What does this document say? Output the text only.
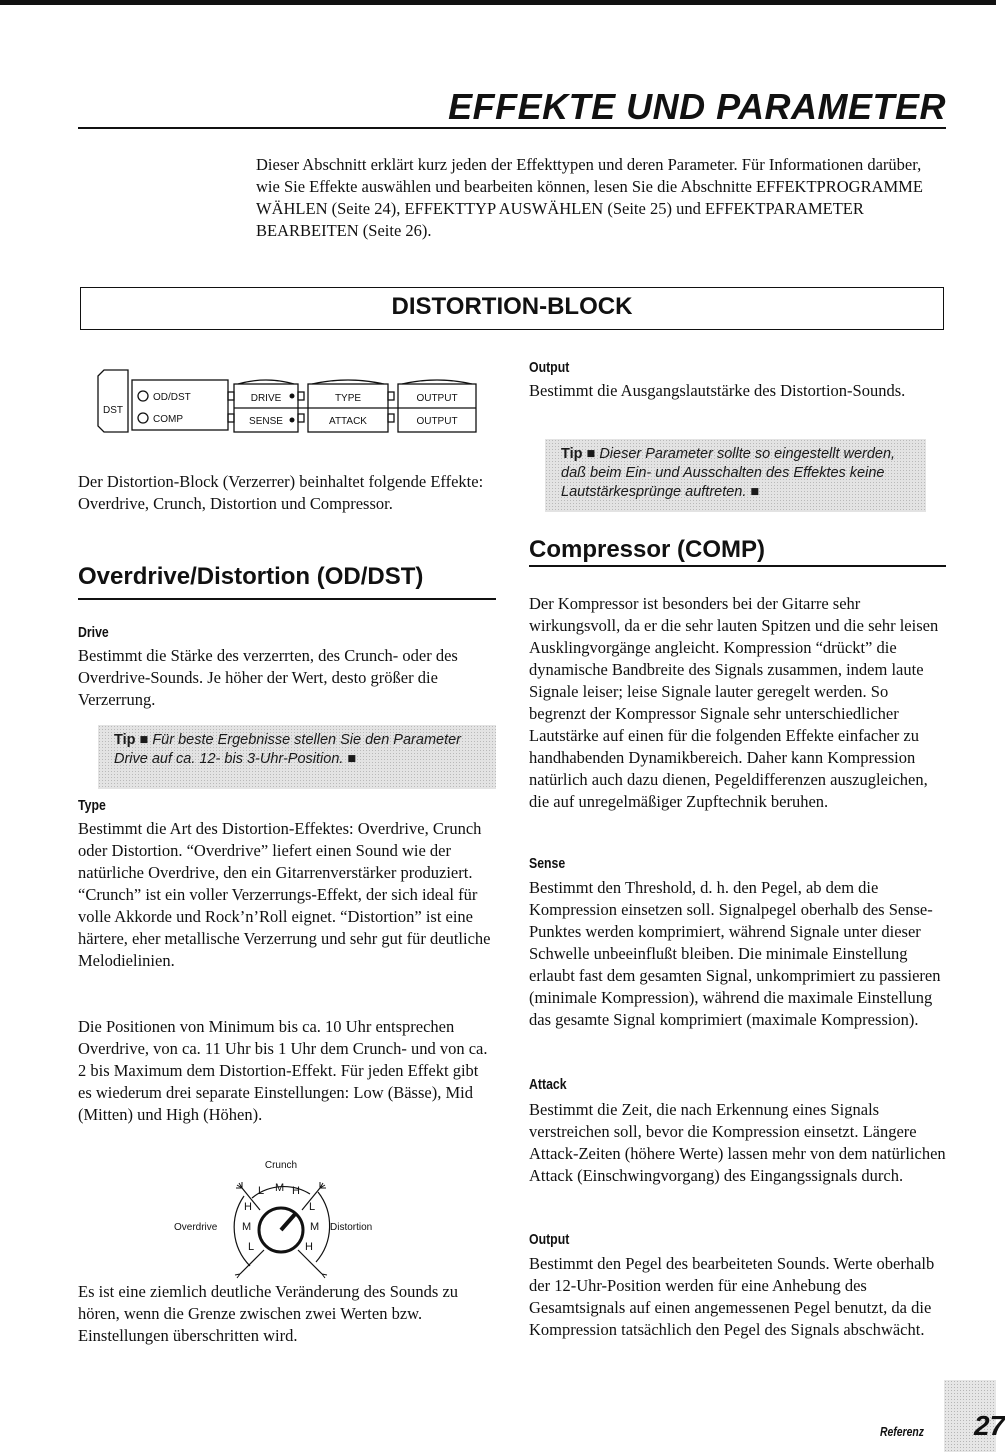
EFFEKTE UND PARAMETER

Dieser Abschnitt erklärt kurz jeden der Effekttypen und deren Parameter. Für Informationen darüber, wie Sie Effekte auswählen und bearbeiten können, lesen Sie die Abschnitte EFFEKTPROGRAMME WÄHLEN (Seite 24), EFFEKTTYP AUSWÄHLEN (Seite 25) und EFFEKTPARAMETER BEARBEITEN (Seite 26).

DISTORTION-BLOCK
DST
OD/DST
COMP
DRIVE
SENSE
TYPE
ATTACK
OUTPUT
OUTPUT

Der Distortion-Block (Verzerrer) beinhaltet folgende Effekte: Overdrive, Crunch, Distortion und Compressor.

Overdrive/Distortion (OD/DST)
Drive

Bestimmt die Stärke des verzerrten, des Crunch- oder des Overdrive-Sounds. Je höher der Wert, desto größer die Verzerrung.

Tip ■ Für beste Ergebnisse stellen Sie den Parameter Drive auf ca. 12- bis 3-Uhr-Position. ■
Type

Bestimmt die Art des Distortion-Effektes: Overdrive, Crunch oder Distortion. “Overdrive” liefert einen Sound wie der natürliche Overdrive, den ein Gitarrenverstärker produziert. “Crunch” ist ein voller Verzerrungs-Effekt, der sich ideal für volle Akkorde und Rock’n’Roll eignet. “Distortion” ist eine härtere, eher metallische Verzerrung und sehr gut für deutliche Melodielinien.

Die Positionen von Minimum bis ca. 10 Uhr entsprechen Overdrive, von ca. 11 Uhr bis 1 Uhr dem Crunch- und von ca. 2 bis Maximum dem Distortion-Effekt. Für jeden Effekt gibt es wiederum drei separate Einstellungen: Low (Bässe), Mid (Mitten) und High (Höhen).

Crunch
Overdrive	Distortion
L M H
H
M
L
L
M
H

Es ist eine ziemlich deutliche Veränderung des Sounds zu hören, wenn die Grenze zwischen zwei Werten bzw. Einstellungen überschritten wird.

Output

Bestimmt die Ausgangslautstärke des Distortion-Sounds.

Tip ■ Dieser Parameter sollte so eingestellt werden, daß beim Ein- und Ausschalten des Effektes keine Lautstärkesprünge auftreten. ■
Compressor (COMP)

Der Kompressor ist besonders bei der Gitarre sehr wirkungsvoll, da er die sehr lauten Spitzen und die sehr leisen Ausklingvorgänge angleicht. Kompression “drückt” die dynamische Bandbreite des Signals zusammen, indem laute Signale leiser; leise Signale lauter geregelt werden. So begrenzt der Kompressor Signale sehr unterschiedlicher Lautstärke auf einen für die folgenden Effekte einfacher zu handhabenden Dynamikbereich. Daher kann Kompression natürlich auch dazu dienen, Pegeldifferenzen auszugleichen, die auf unregelmäßiger Zupftechnik beruhen.

Sense

Bestimmt den Threshold, d. h. den Pegel, ab dem die Kompression einsetzen soll. Signalpegel oberhalb des Sense-Punktes werden komprimiert, während Signale unter dieser Schwelle unbeeinflußt bleiben. Die minimale Einstellung erlaubt fast dem gesamten Signal, unkomprimiert zu passieren (minimale Kompression), während die maximale Einstellung das gesamte Signal komprimiert (maximale Kompression).

Attack

Bestimmt die Zeit, die nach Erkennung eines Signals verstreichen soll, bevor die Kompression einsetzt. Längere Attack-Zeiten (höhere Werte) lassen mehr von dem natürlichen Attack (Einschwingvorgang) des Eingangssignals durch.

Output

Bestimmt den Pegel des bearbeiteten Sounds. Werte oberhalb der 12-Uhr-Position werden für eine Anhebung des Gesamtsignals auf einen angemessenen Pegel benutzt, da die Kompression tatsächlich den Pegel des Signals abschwächt.

Referenz 27
